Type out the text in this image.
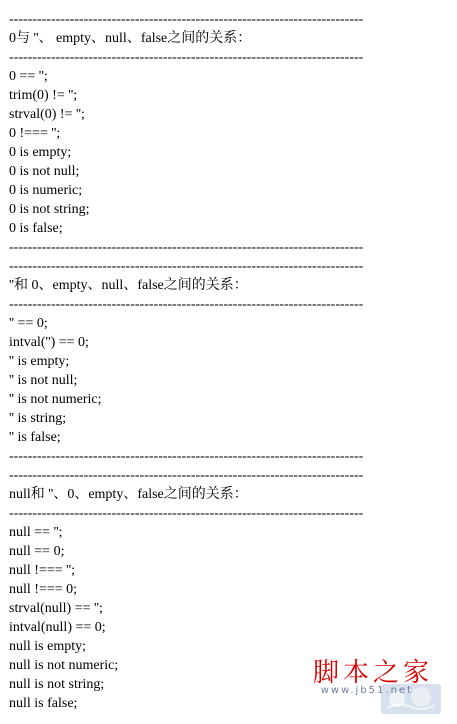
----------------------------------------------------------------------------
0与 ''、 empty、null、false之间的关系：
----------------------------------------------------------------------------
0 == '';
trim(0) != '';
strval(0) != '';
0 !=== '';
0 is empty;
0 is not null;
0 is numeric;
0 is not string;
0 is false;
----------------------------------------------------------------------------
----------------------------------------------------------------------------
''和 0、empty、null、false之间的关系：
----------------------------------------------------------------------------
'' == 0;
intval('') == 0;
'' is empty;
'' is not null;
'' is not numeric;
'' is string;
'' is false;
----------------------------------------------------------------------------
----------------------------------------------------------------------------
null和 ''、0、empty、false之间的关系：
----------------------------------------------------------------------------
null == '';
null == 0;
null !=== '';
null !=== 0;
strval(null) == '';
intval(null) == 0;
null is empty;
null is not numeric;
null is not string;
null is false;
脚本之家
www.jb51.net
